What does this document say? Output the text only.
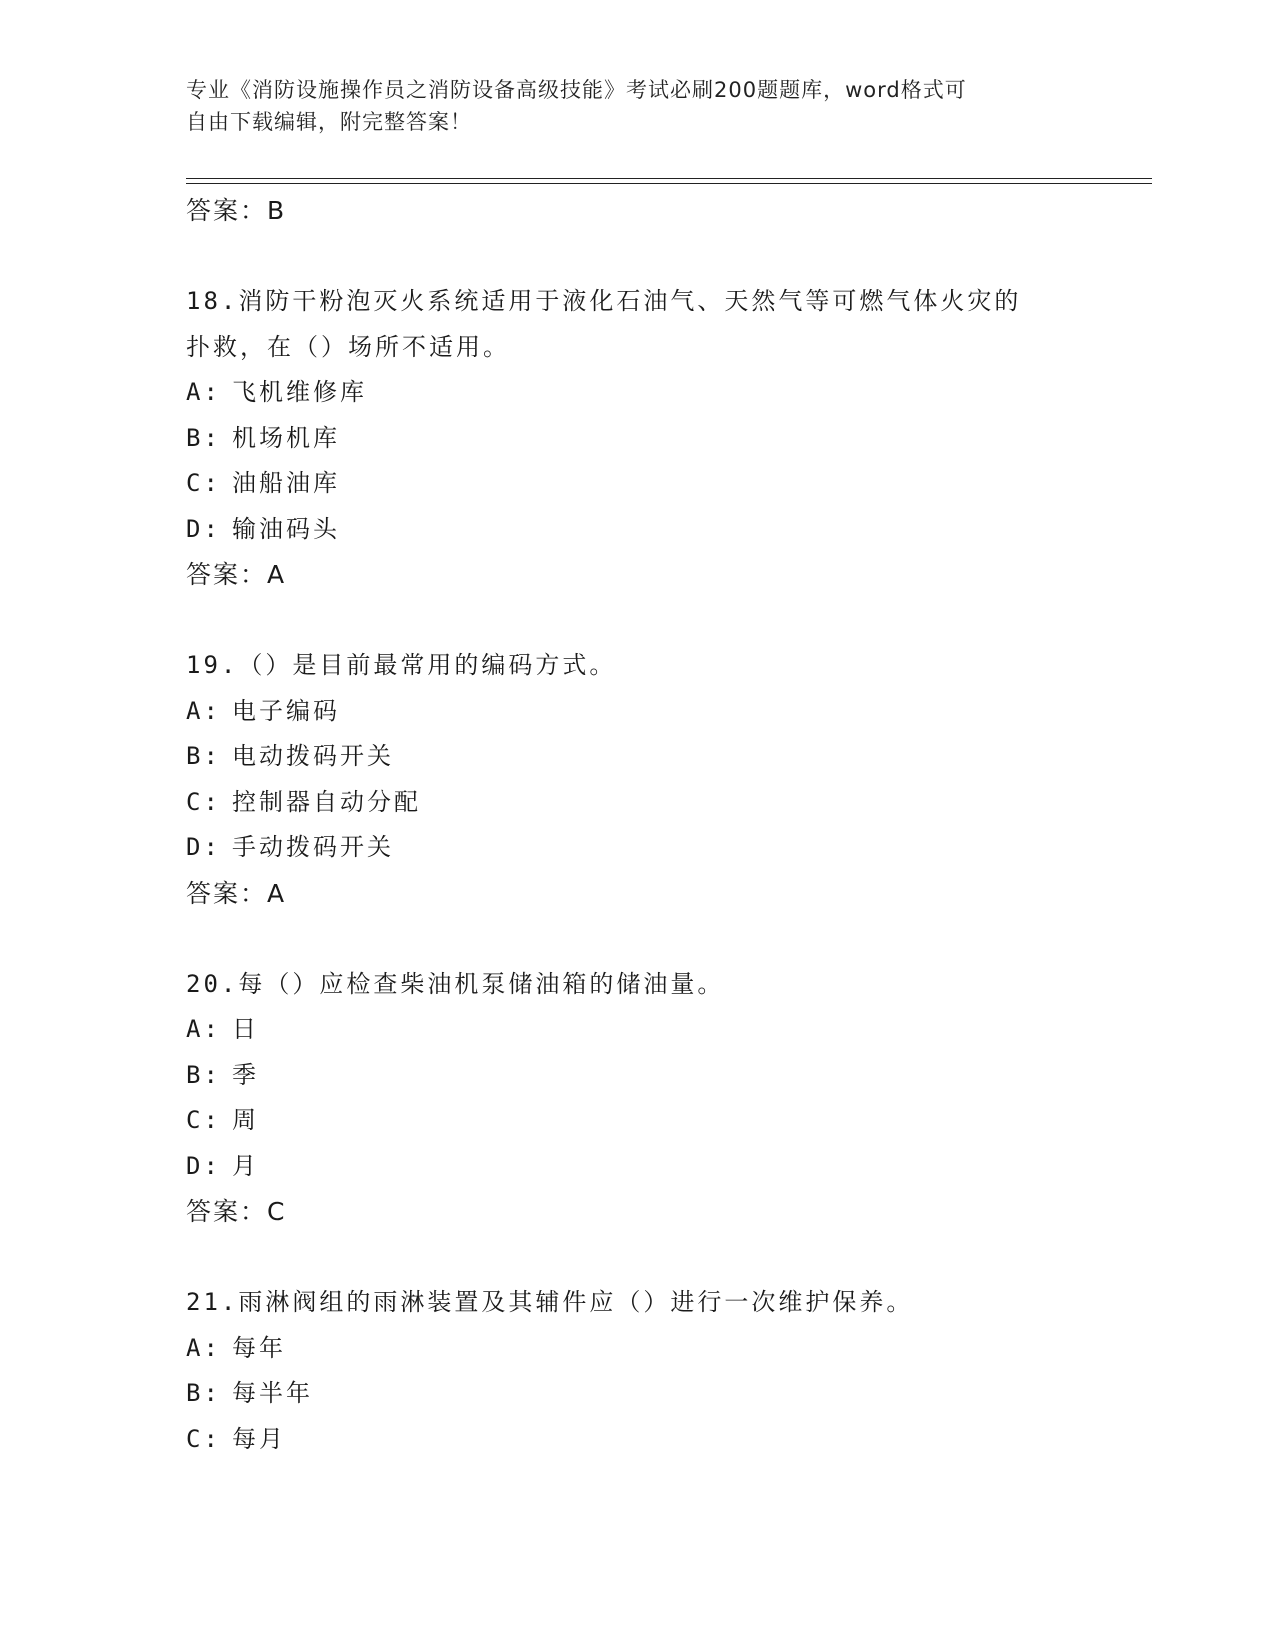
专业《消防设施操作员之消防设备高级技能》考试必刷200题题库，word格式可
自由下载编辑，附完整答案！
答案：B
18.消防干粉泡灭火系统适用于液化石油气、天然气等可燃气体火灾的
扑救，在（）场所不适用。
A: 飞机维修库
B: 机场机库
C: 油船油库
D: 输油码头
答案：A
19.（）是目前最常用的编码方式。
A: 电子编码
B: 电动拨码开关
C: 控制器自动分配
D: 手动拨码开关
答案：A
20.每（）应检查柴油机泵储油箱的储油量。
A: 日
B: 季
C: 周
D: 月
答案：C
21.雨淋阀组的雨淋装置及其辅件应（）进行一次维护保养。
A: 每年
B: 每半年
C: 每月
